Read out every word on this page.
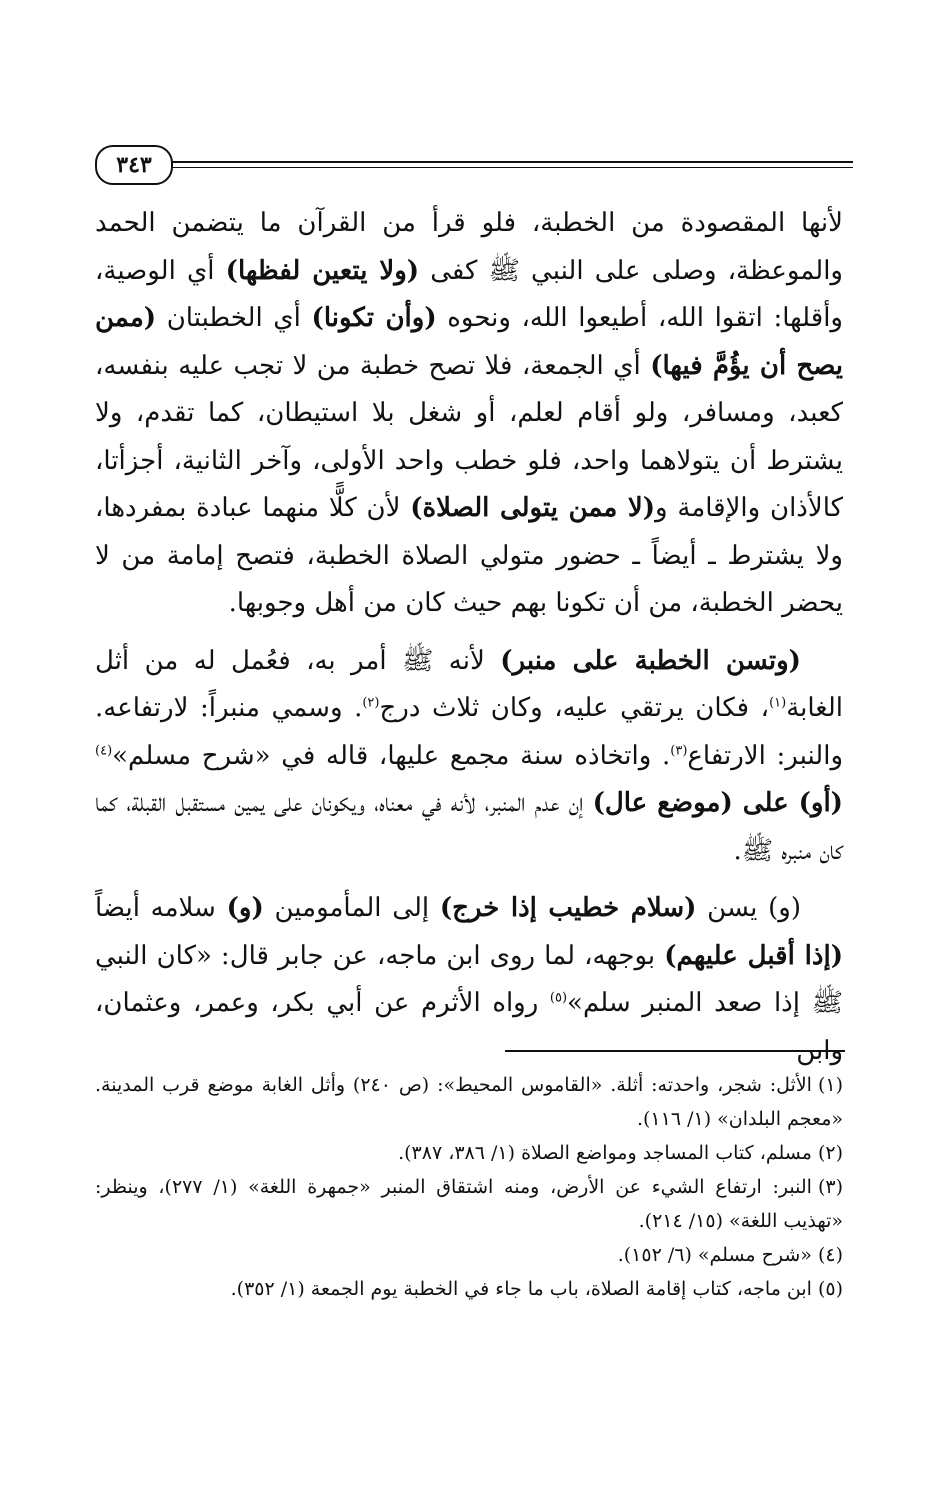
٣٤٣

لأنها المقصودة من الخطبة، فلو قرأ من القرآن ما يتضمن الحمد والموعظة، وصلى على النبي ﷺ كفى (ولا يتعين لفظها) أي الوصية، وأقلها: اتقوا الله، أطيعوا الله، ونحوه (وأن تكونا) أي الخطبتان (ممن يصح أن يؤُمَّ فيها) أي الجمعة، فلا تصح خطبة من لا تجب عليه بنفسه، كعبد، ومسافر، ولو أقام لعلم، أو شغل بلا استيطان، كما تقدم، ولا يشترط أن يتولاهما واحد، فلو خطب واحد الأولى، وآخر الثانية، أجزأتا، كالأذان والإقامة و(لا ممن يتولى الصلاة) لأن كلًّا منهما عبادة بمفردها، ولا يشترط ـ أيضاً ـ حضور متولي الصلاة الخطبة، فتصح إمامة من لا يحضر الخطبة، من أن تكونا بهم حيث كان من أهل وجوبها.

(وتسن الخطبة على منبر) لأنه ﷺ أمر به، فعُمل له من أثل الغابة$^{(١)}$، فكان يرتقي عليه، وكان ثلاث درج$^{(٢)}$. وسمي منبراً: لارتفاعه. والنبر: الارتفاع$^{(٣)}$. واتخاذه سنة مجمع عليها، قاله في «شرح مسلم»$^{(٤)}$ (أو) على (موضع عال) إن عدم المنبر، لأنه في معناه، ويكونان على يمين مستقبل القبلة، كما كان منبره ﷺ.

(و) يسن (سلام خطيب إذا خرج) إلى المأمومين (و) سلامه أيضاً (إذا أقبل عليهم) بوجهه، لما روى ابن ماجه، عن جابر قال: «كان النبي ﷺ إذا صعد المنبر سلم»$^{(٥)}$ رواه الأثرم عن أبي بكر، وعمر، وعثمان، وابن

(١)الأثل: شجر، واحدته: أثلة. «القاموس المحيط»: (ص ٢٤٠) وأثل الغابة موضع قرب المدينة. «معجم البلدان» (١/ ١١٦).

(٢)مسلم، كتاب المساجد ومواضع الصلاة (١/ ٣٨٦، ٣٨٧).

(٣)النبر: ارتفاع الشيء عن الأرض، ومنه اشتقاق المنبر «جمهرة اللغة» (١/ ٢٧٧)، وينظر: «تهذيب اللغة» (١٥/ ٢١٤).

(٤)«شرح مسلم» (٦/ ١٥٢).

(٥)ابن ماجه، كتاب إقامة الصلاة، باب ما جاء في الخطبة يوم الجمعة (١/ ٣٥٢).
